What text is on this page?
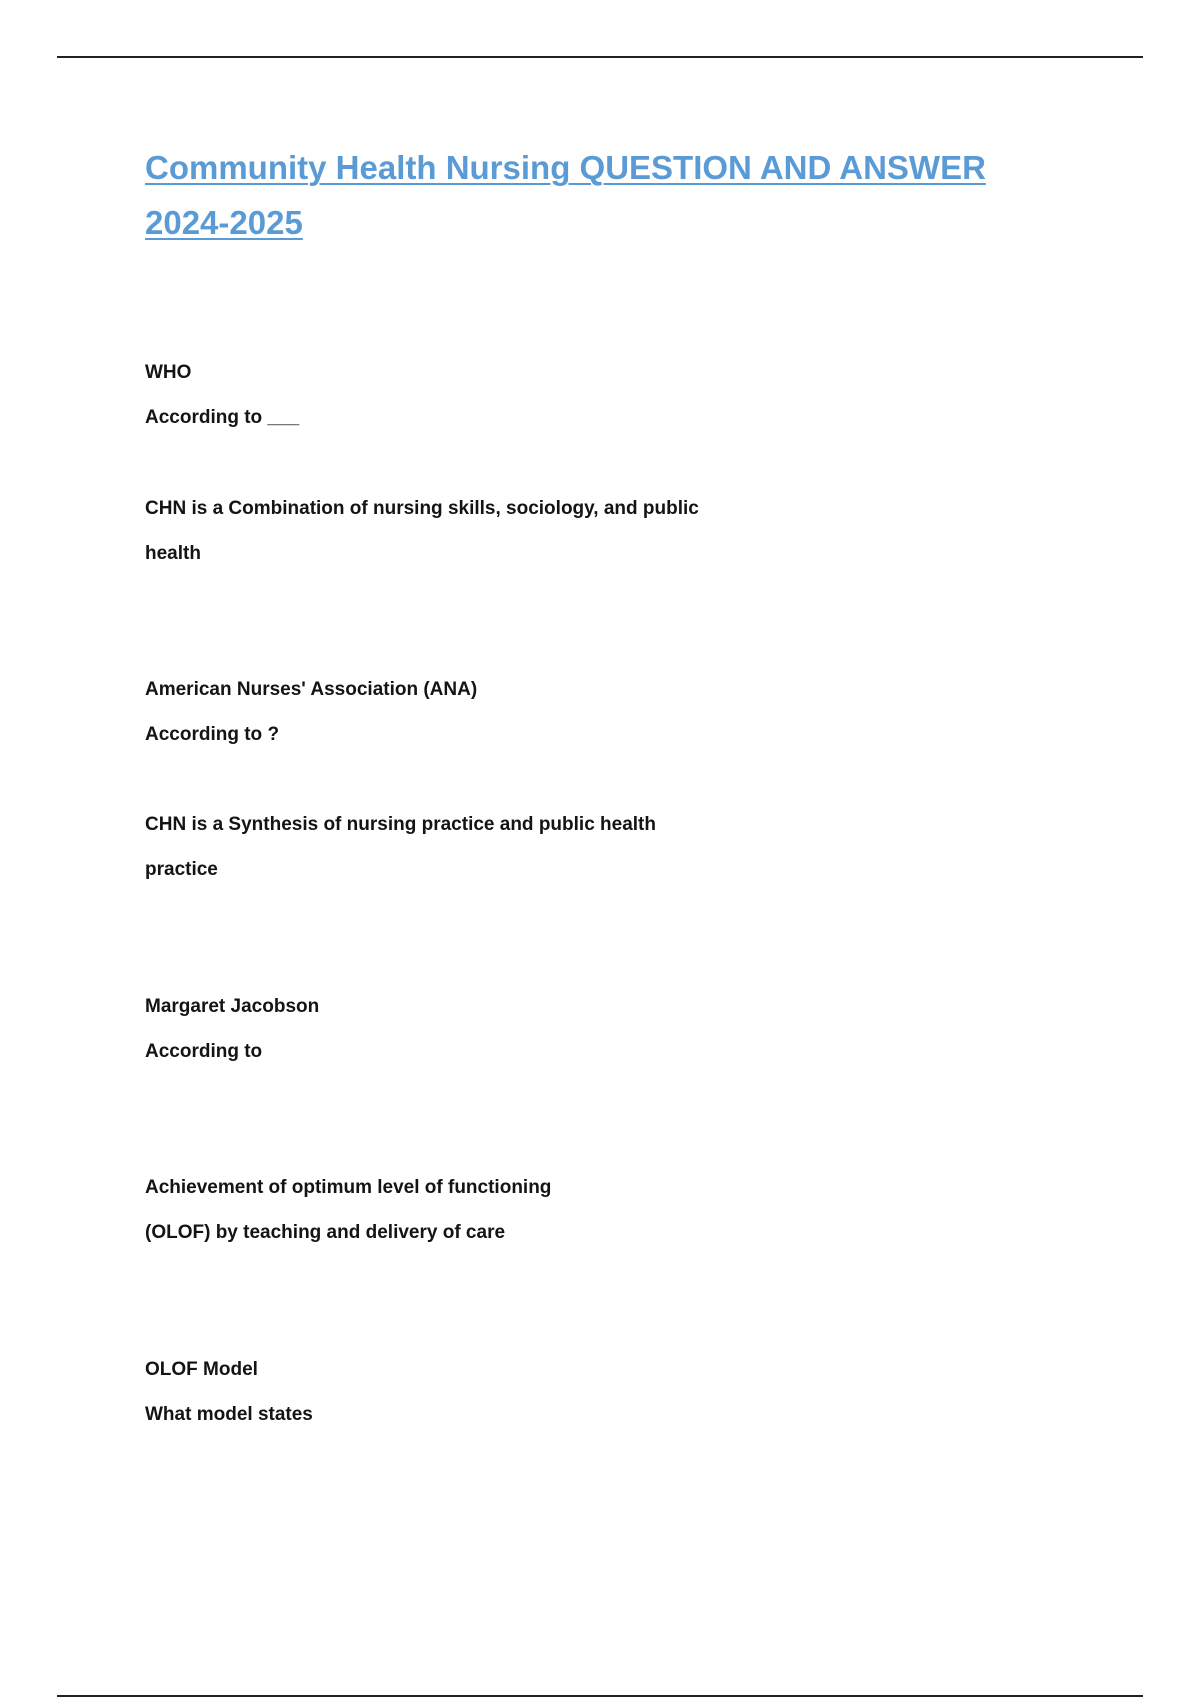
Community Health Nursing QUESTION AND ANSWER
2024-2025

WHO

According to ___

CHN is a Combination of nursing skills, sociology, and public

health

American Nurses' Association (ANA)

According to ?

CHN is a Synthesis of nursing practice and public health

practice

Margaret Jacobson

According to

Achievement of optimum level of functioning

(OLOF) by teaching and delivery of care

OLOF Model

What model states
